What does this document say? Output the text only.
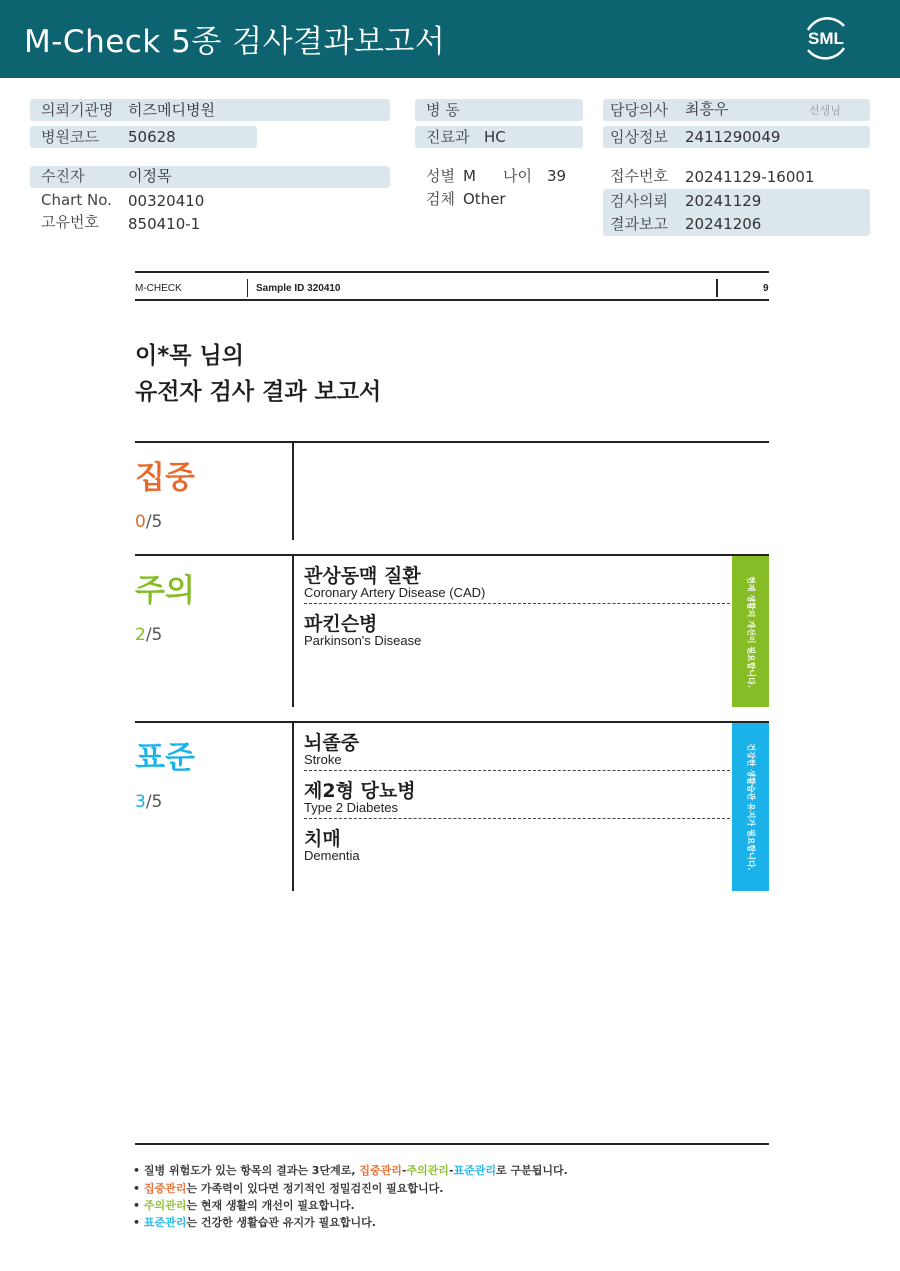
M-Check 5종 검사결과보고서	SML
의뢰기관명 히즈메디병원
병원코드 50628
수진자	이정목
Chart No. 00320410
고유번호 850410-1
병 동
진료과 HC
성별 M 나이 39
검체 Other
담당의사 최흥우	선생님
임상정보 2411290049
접수번호 20241129-16001
검사의뢰 20241129
결과보고 20241206
M-CHECK	Sample ID 320410	9
이*목 님의
유전자 검사 결과 보고서
집중
0/5
주의
2/5
관상동맥 질환
Coronary Artery Disease (CAD)
파킨슨병
Parkinson's Disease	현재 생활의 개선이 필요합니다.
표준
3/5
뇌졸중
Stroke
제2형 당뇨병
Type 2 Diabetes
치매
Dementia	건강한 생활습관 유지가 필요합니다.
• 질병 위험도가 있는 항목의 결과는 3단계로, 집중관리-주의관리-표준관리로 구분됩니다.
• 집중관리는 가족력이 있다면 정기적인 정밀검진이 필요합니다.
• 주의관리는 현재 생활의 개선이 필요합니다.
• 표준관리는 건강한 생활습관 유지가 필요합니다.
